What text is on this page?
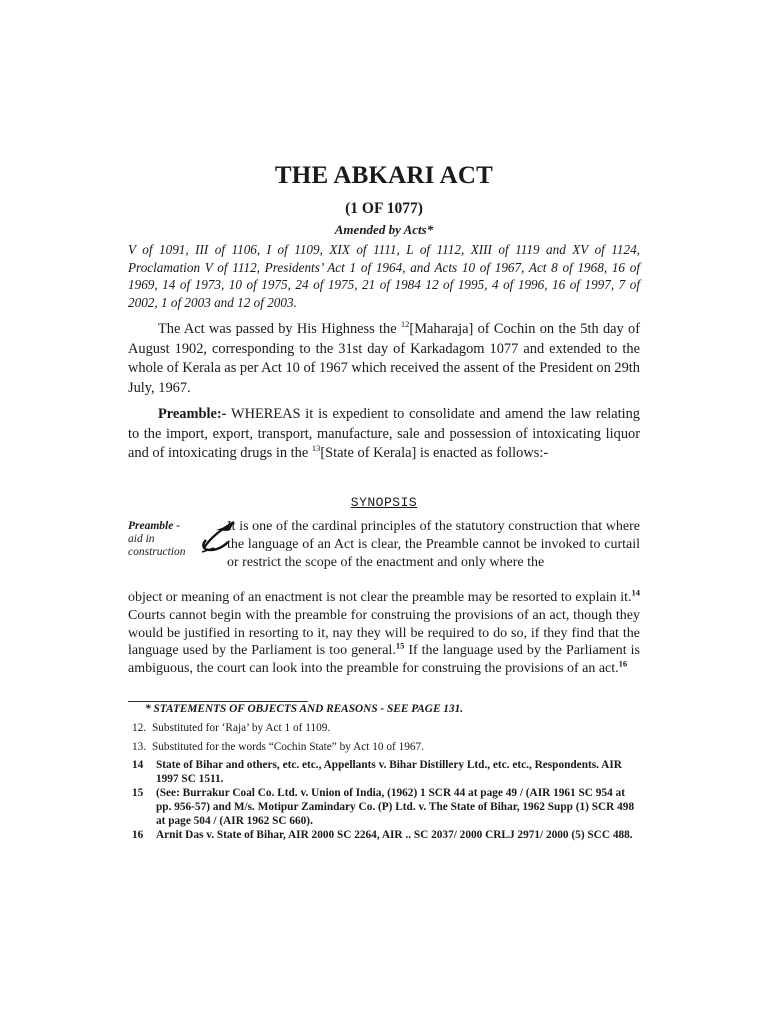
THE ABKARI ACT
(1 OF 1077)
Amended by Acts*
V of 1091, III of 1106, I of 1109, XIX of 1111, L of 1112, XIII of 1119 and XV of 1124, Proclamation V of 1112, Presidents’ Act 1 of 1964, and Acts 10 of 1967, Act 8 of 1968, 16 of 1969, 14 of 1973, 10 of 1975, 24 of 1975, 21 of 1984 12 of 1995, 4 of 1996, 16 of 1997, 7 of 2002, 1 of 2003 and 12 of 2003.
The Act was passed by His Highness the $^{12}$[Maharaja] of Cochin on the 5th day of August 1902, corresponding to the 31st day of Karkadagom 1077 and extended to the whole of Kerala as per Act 10 of 1967 which received the assent of the President on 29th July, 1967.
Preamble:- WHEREAS it is expedient to consolidate and amend the law relating to the import, export, transport, manufacture, sale and possession of intoxicating liquor and of intoxicating drugs in the $^{13}$[State of Kerala] is enacted as follows:-
SYNOPSIS
Preamble -
aid in
construction
It is one of the cardinal principles of the statutory construction that where the language of an Act is clear, the Preamble cannot be invoked to curtail or restrict the scope of the enactment and only where the
object or meaning of an enactment is not clear the preamble may be resorted to explain it.$^{14}$ Courts cannot begin with the preamble for construing the provisions of an act, though they would be justified in resorting to it, nay they will be required to do so, if they find that the language used by the Parliament is too general.$^{15}$ If the language used by the Parliament is ambiguous, the court can look into the preamble for construing the provisions of an act.$^{16}$
* STATEMENTS OF OBJECTS AND REASONS - SEE PAGE 131.
12. Substituted for ‘Raja’ by Act 1 of 1109.
13. Substituted for the words “Cochin State” by Act 10 of 1967.
14 State of Bihar and others, etc. etc., Appellants v. Bihar Distillery Ltd., etc. etc., Respondents. AIR 1997 SC 1511.
15 (See: Burrakur Coal Co. Ltd. v. Union of India, (1962) 1 SCR 44 at page 49 / (AIR 1961 SC 954 at pp. 956-57) and M/s. Motipur Zamindary Co. (P) Ltd. v. The State of Bihar, 1962 Supp (1) SCR 498 at page 504 / (AIR 1962 SC 660).
16 Arnit Das v. State of Bihar, AIR 2000 SC 2264, AIR .. SC 2037/ 2000 CRLJ 2971/ 2000 (5) SCC 488.
